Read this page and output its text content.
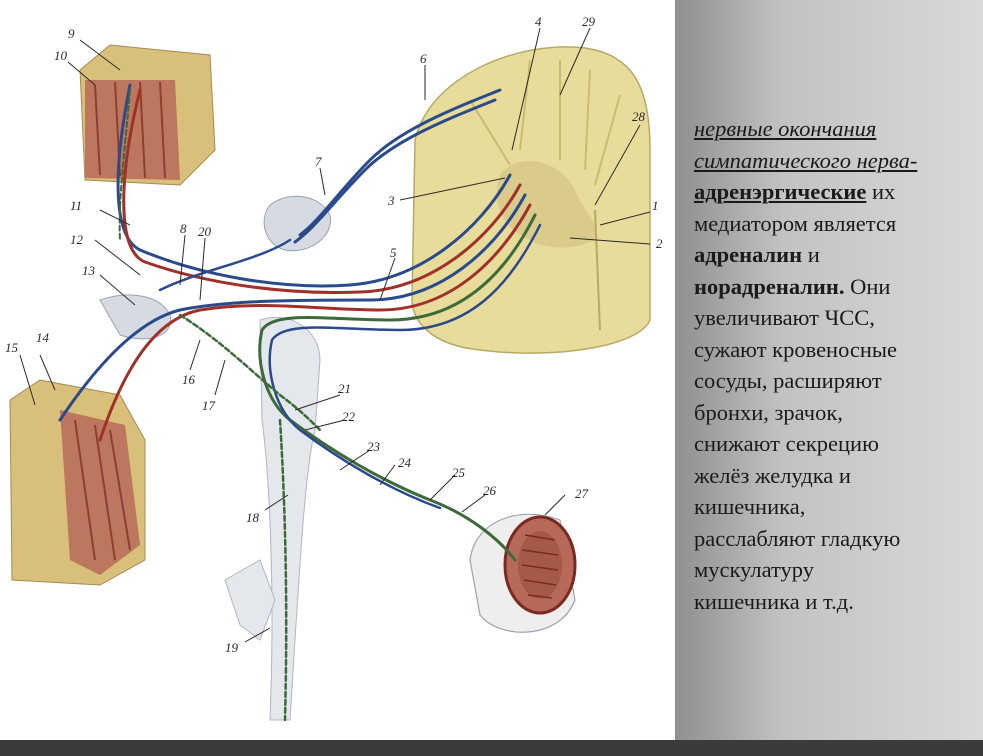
1
2
3
4
5
6
7
8
9
10
11
12
13
14
15
16
17
18
19
20
21
22
23
24
25
26	27
28
29
нервные окончания
симпатического нерва-
адренэргические их
медиатором является
адреналин и
норадреналин. Они
увеличивают ЧСС,
сужают кровеносные
сосуды, расширяют
бронхи, зрачок,
снижают секрецию
желёз желудка и
кишечника,
расслабляют гладкую
мускулатуру
кишечника и т.д.
